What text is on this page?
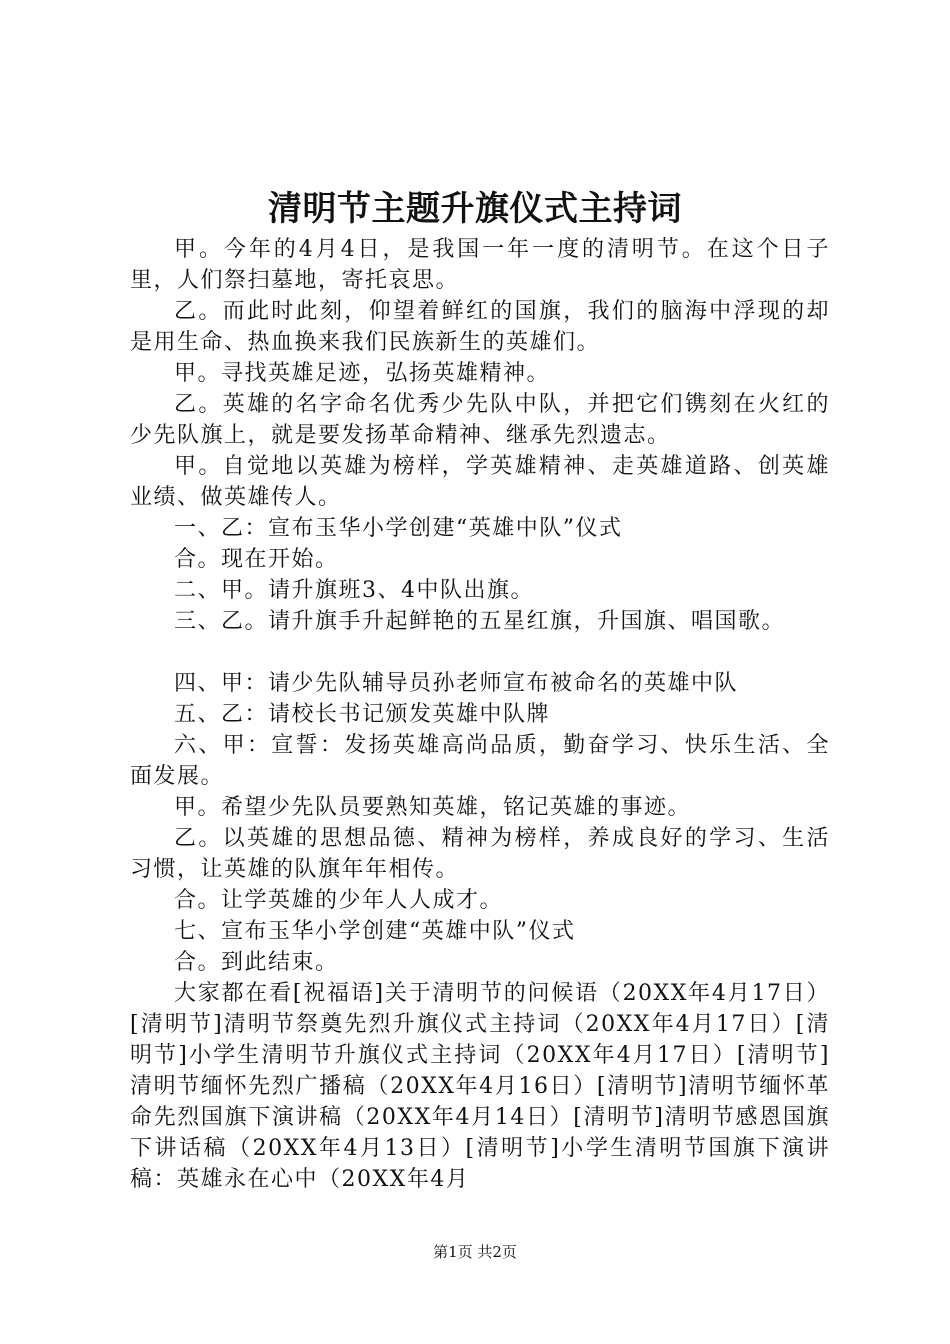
清明节主题升旗仪式主持词

甲。今年的4月4日，是我国一年一度的清明节。在这个日子里，人们祭扫墓地，寄托哀思。

乙。而此时此刻，仰望着鲜红的国旗，我们的脑海中浮现的却是用生命、热血换来我们民族新生的英雄们。

甲。寻找英雄足迹，弘扬英雄精神。

乙。英雄的名字命名优秀少先队中队，并把它们镌刻在火红的少先队旗上，就是要发扬革命精神、继承先烈遗志。

甲。自觉地以英雄为榜样，学英雄精神、走英雄道路、创英雄业绩、做英雄传人。

一、乙：宣布玉华小学创建“英雄中队”仪式

合。现在开始。

二、甲。请升旗班3、4中队出旗。

三、乙。请升旗手升起鲜艳的五星红旗，升国旗、唱国歌。

四、甲：请少先队辅导员孙老师宣布被命名的英雄中队

五、乙：请校长书记颁发英雄中队牌

六、甲：宣誓：发扬英雄高尚品质，勤奋学习、快乐生活、全面发展。

甲。希望少先队员要熟知英雄，铭记英雄的事迹。

乙。以英雄的思想品德、精神为榜样，养成良好的学习、生活习惯，让英雄的队旗年年相传。

合。让学英雄的少年人人成才。

七、宣布玉华小学创建“英雄中队”仪式

合。到此结束。

大家都在看[祝福语]关于清明节的问候语（20XX年4月17日）[清明节]清明节祭奠先烈升旗仪式主持词（20XX年4月17日）[清明节]小学生清明节升旗仪式主持词（20XX年4月17日）[清明节]清明节缅怀先烈广播稿（20XX年4月16日）[清明节]清明节缅怀革命先烈国旗下演讲稿（20XX年4月14日）[清明节]清明节感恩国旗下讲话稿（20XX年4月13日）[清明节]小学生清明节国旗下演讲稿：英雄永在心中（20XX年4月

第1页 共2页
